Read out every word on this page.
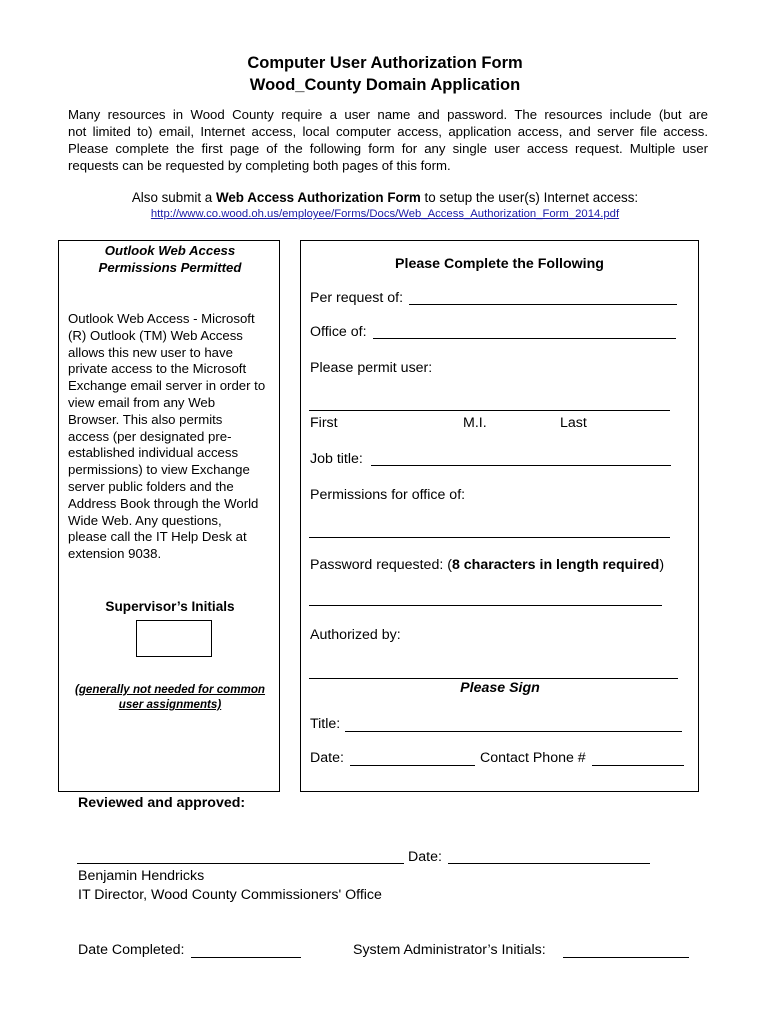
Computer User Authorization Form
Wood_County Domain Application
Many resources in Wood County require a user name and password. The resources include (but are
not limited to) email, Internet access, local computer access, application access, and server file access.
Please complete the first page of the following form for any single user access request. Multiple user
requests can be requested by completing both pages of this form.
Also submit a Web Access Authorization Form to setup the user(s) Internet access:
http://www.co.wood.oh.us/employee/Forms/Docs/Web_Access_Authorization_Form_2014.pdf
Outlook Web Access
Permissions Permitted
Outlook Web Access - Microsoft
(R) Outlook (TM) Web Access
allows this new user to have
private access to the Microsoft
Exchange email server in order to
view email from any Web
Browser. This also permits
access (per designated pre-
established individual access
permissions) to view Exchange
server public folders and the
Address Book through the World
Wide Web. Any questions,
please call the IT Help Desk at
extension 9038.
Supervisor’s Initials
(generally not needed for common
user assignments)
Please Complete the Following
Per request of:
Office of:
Please permit user:
First	M.I.	Last
Job title:
Permissions for office of:
Password requested: (8 characters in length required)
Authorized by:
Please Sign
Title:
Date:	Contact Phone #
Reviewed and approved:
Date:
Benjamin Hendricks
IT Director, Wood County Commissioners' Office
Date Completed:	System Administrator’s Initials:
